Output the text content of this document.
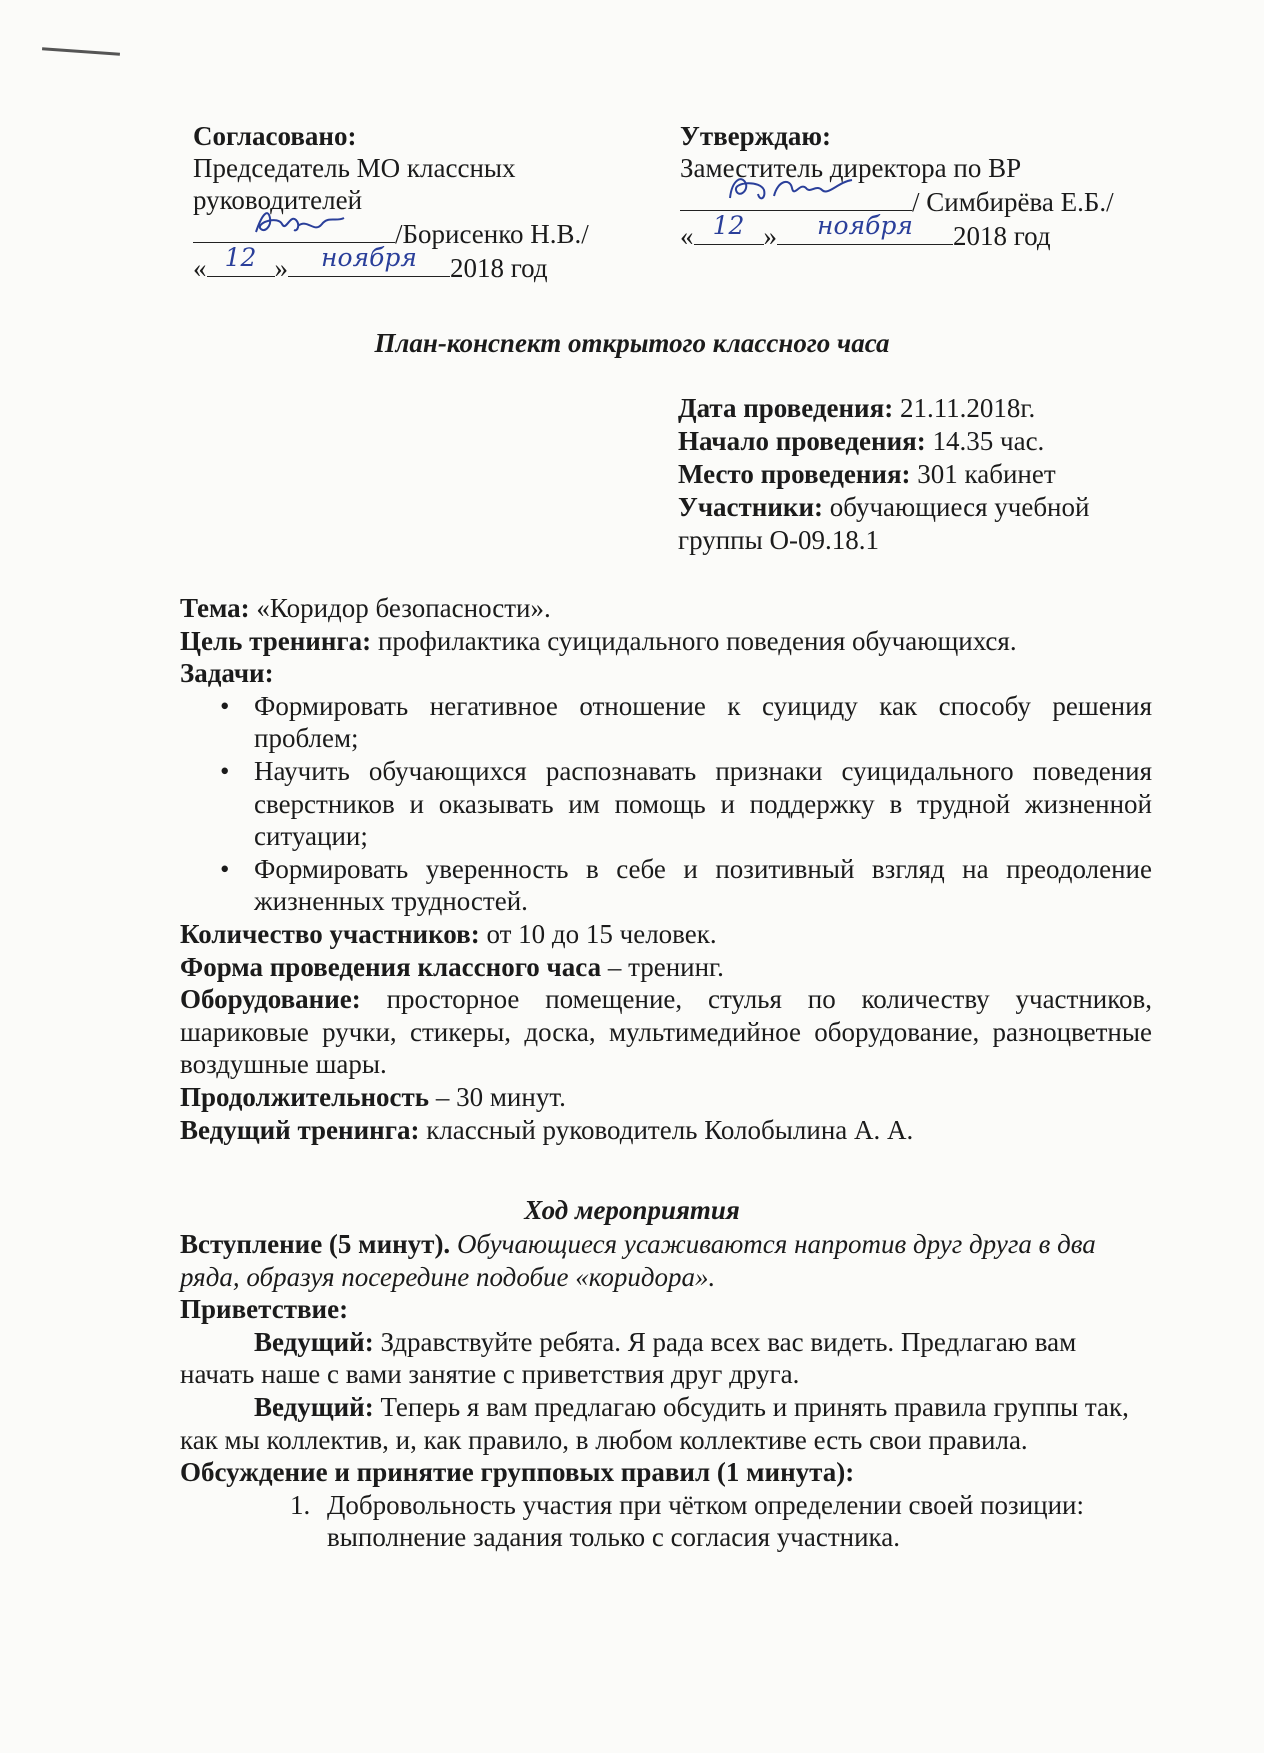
Согласовано:
Председатель МО классных
руководителей
/Борисенко Н.В./
« 12 »	ноября	2018 год
Утверждаю:
Заместитель директора по ВР
/ Симбирёва Е.Б./
« 12 »	ноября	2018 год
План-конспект открытого классного часа
Дата проведения: 21.11.2018г.
Начало проведения: 14.35 час.
Место проведения: 301 кабинет
Участники: обучающиеся учебной
группы О-09.18.1
Тема: «Коридор безопасности».
Цель тренинга: профилактика суицидального поведения обучающихся.
Задачи:
• Формировать негативное отношение к суициду как способу решения проблем;
• Научить обучающихся распознавать признаки суицидального поведения сверстников и оказывать им помощь и поддержку в трудной жизненной ситуации;
• Формировать уверенность в себе и позитивный взгляд на преодоление жизненных трудностей.
Количество участников: от 10 до 15 человек.
Форма проведения классного часа – тренинг.
Оборудование: просторное помещение, стулья по количеству участников, шариковые ручки, стикеры, доска, мультимедийное оборудование, разноцветные воздушные шары.
Продолжительность – 30 минут.
Ведущий тренинга: классный руководитель Колобылина А. А.
Ход мероприятия
Вступление (5 минут). Обучающиеся усаживаются напротив друг друга в два ряда, образуя посередине подобие «коридора».
Приветствие:
Ведущий: Здравствуйте ребята. Я рада всех вас видеть. Предлагаю вам начать наше с вами занятие с приветствия друг друга.
Ведущий: Теперь я вам предлагаю обсудить и принять правила группы так, как мы коллектив, и, как правило, в любом коллективе есть свои правила.
Обсуждение и принятие групповых правил (1 минута):
1. Добровольность участия при чётком определении своей позиции: выполнение задания только с согласия участника.
